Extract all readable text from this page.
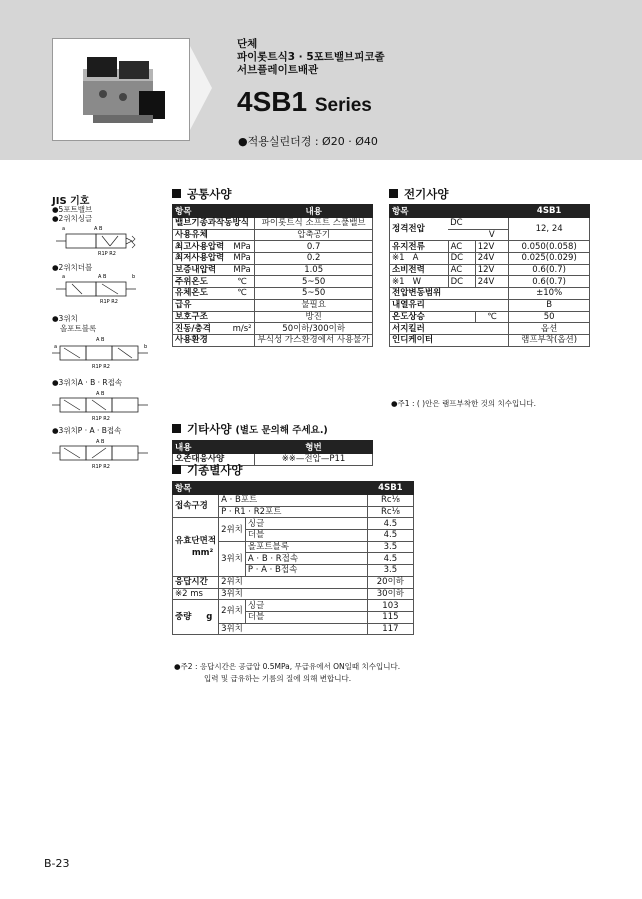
단체
파이롯트식3 · 5포트밸브피코졸
서브플레이트배관
4SB1 Series
●적용실린더경 : Ø20 · Ø40
JIS 기호
●5포트밸브
●2위치싱글
a	A B
R1P R2
●2위치더블
a	A B	b
R1P R2
●3위치
올포트블록
A B
a	b
R1P R2
●3위치A · B · R접속
A B
R1P R2
●3위치P · A · B접속
A B
R1P R2
공통사양
항목		내용
밸브기종과작동방식		파이롯트식 소프트 스풀밸브
사용유체		압축공기
최고사용압력	MPa	0.7
최저사용압력	MPa	0.2
보증내압력	MPa	1.05
주위온도	℃	5~50
유체온도	℃	5~50
급유		불필요
보호구조		방진
진동/충격	m/s²	50이하/300이하
사용환경		부식성 가스환경에서 사용불가
전기사양
항목			4SB1
정격전압	DC		12, 24
		V	
유지전류	AC	12V	0.050(0.058)
※1 A	DC	24V	0.025(0.029)
소비전력	AC	12V	0.6(0.7)
※1 W	DC	24V	0.6(0.7)
전압변동범위			±10%
내열유리			B
온도상승		℃	50
서지킬러			옵션
인디케이터			램프부착(옵션)
●주1 : ( )안은 램프부착한 것의 치수입니다.
기타사양 (별도 문의해 주세요.)
내용	형번
오존대응사양	※※—전압—P11
기종별사양
항목			4SB1
접속구경	A · B포트		Rc⅛
	P · R1 · R2포트		Rc⅛
유효단면적
mm²	2위치	싱글	4.5
		더블	4.5
	3위치	올포트블록	3.5
		A · B · R접속	4.5
		P · A · B접속	3.5
응답시간	2위치		20이하
※2 ms	3위치		30이하
중량 g	2위치	싱글	103
		더블	115
	3위치		117
●주2 : 응답시간은 공급압 0.5MPa, 무급유에서 ON일때 치수입니다.
입력 및 급유하는 기름의 질에 의해 변합니다.
B-23
